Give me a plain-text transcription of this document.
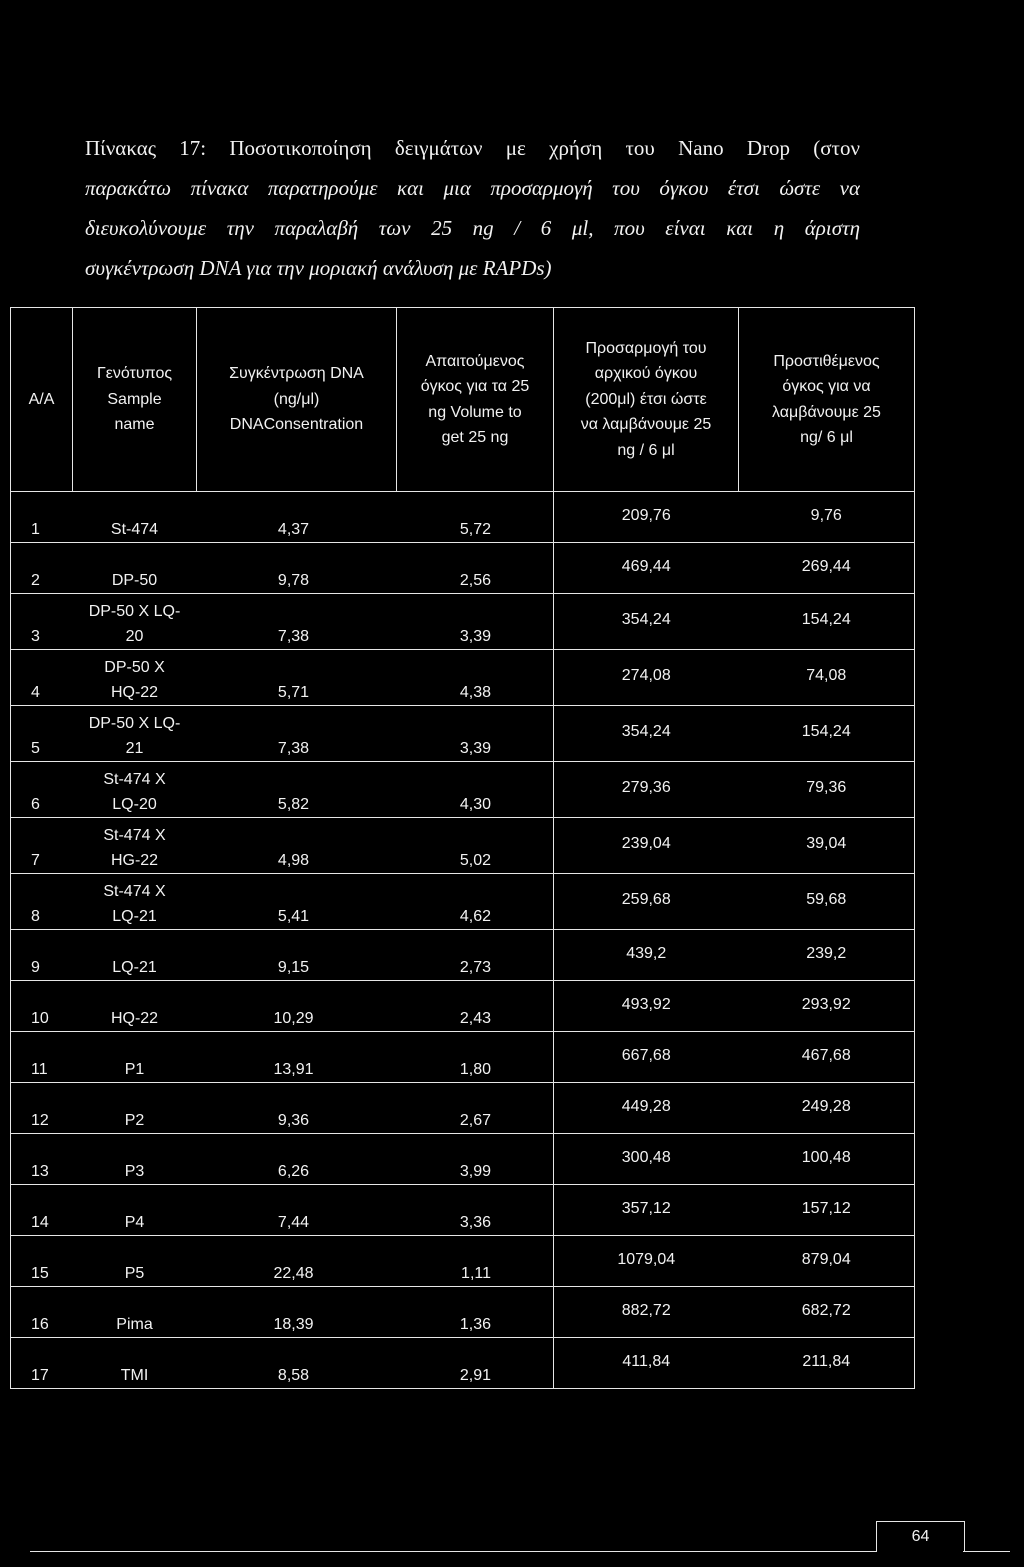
Πίνακας 17: Ποσοτικοποίηση δειγμάτων με χρήση του Nano Drop (στον
παρακάτω πίνακα παρατηρούμε και μια προσαρμογή του όγκου έτσι ώστε να
διευκολύνουμε την παραλαβή των 25 ng / 6 μl, που είναι και η άριστη
συγκέντρωση DNA για την μοριακή ανάλυση με RAPDs)
Α/Α	Γενότυπος
Sample
name	Συγκέντρωση DNA
(ng/μl)
DNAConsentration	Απαιτούμενος
όγκος για τα 25
ng Volume to
get 25 ng	Προσαρμογή του
αρχικού όγκου
(200μl) έτσι ώστε
να λαμβάνουμε 25
ng / 6 μl	Προστιθέμενος
όγκος για να
λαμβάνουμε 25
ng/ 6 μl

1	St-474	4,37	5,72	209,76	9,76
2	DP-50	9,78	2,56	469,44	269,44
3	DP-50 X LQ-
20	7,38	3,39	354,24	154,24
4	DP-50 X
HQ-22	5,71	4,38	274,08	74,08
5	DP-50 X LQ-
21	7,38	3,39	354,24	154,24
6	St-474 X
LQ-20	5,82	4,30	279,36	79,36
7	St-474 X
HG-22	4,98	5,02	239,04	39,04
8	St-474 X
LQ-21	5,41	4,62	259,68	59,68
9	LQ-21	9,15	2,73	439,2	239,2
10	HQ-22	10,29	2,43	493,92	293,92
11	P1	13,91	1,80	667,68	467,68
12	P2	9,36	2,67	449,28	249,28
13	P3	6,26	3,99	300,48	100,48
14	P4	7,44	3,36	357,12	157,12
15	P5	22,48	1,11	1079,04	879,04
16	Pima	18,39	1,36	882,72	682,72
17	TMI	8,58	2,91	411,84	211,84
64
